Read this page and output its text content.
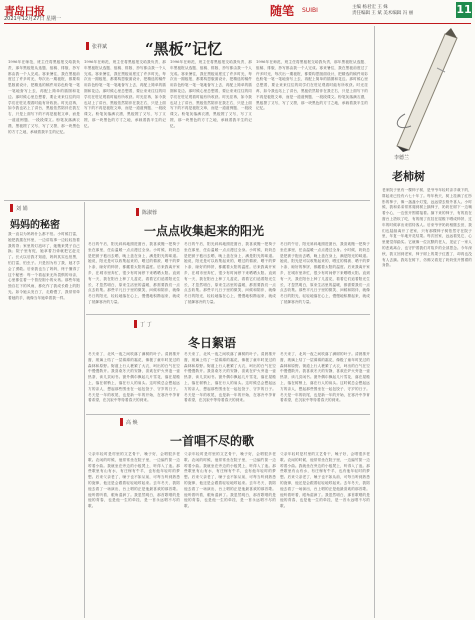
青岛日报
2021年12月27日 星期一
随笔 SUIBI	主编 杨君宏 王 姝
责任编辑 王 斌 美术编辑 冯 丽	11
“黑板”记忆
张祥斌
1996年在师范，班主任将黑板报交给我负责，那年黑板报从选题、组稿、排版、抄写都由我一个人完成。寒来暑往，我在黑板前度过了许多时光，每次出一期板报，都要构思版面设计，把精选的稿件用彩色粉笔一笔一笔地誊写上去，再配上简单的插图和花边。那时候心里总想着，要让来来往往的同学们在驻足观看时能有所收获。时光荏苒，如今我也站上了讲台，黑板依然陪伴在我左右，只是上面写下的不再是板报文章，而是一道道例题、一段段课文。粉笔灰落满衣襟，黑板擦了又写，写了又擦，那一块黑色的方寸之地，承载着我半生的记忆。
1996年在师范，班主任将黑板报交给我负责，那年黑板报从选题、组稿、排版、抄写都由我一个人完成。寒来暑往，我在黑板前度过了许多时光，每次出一期板报，都要构思版面设计，把精选的稿件用彩色粉笔一笔一笔地誊写上去，再配上简单的插图和花边。那时候心里总想着，要让来来往往的同学们在驻足观看时能有所收获。时光荏苒，如今我也站上了讲台，黑板依然陪伴在我左右，只是上面写下的不再是板报文章，而是一道道例题、一段段课文。粉笔灰落满衣襟，黑板擦了又写，写了又擦，那一块黑色的方寸之地，承载着我半生的记忆。
1996年在师范，班主任将黑板报交给我负责，那年黑板报从选题、组稿、排版、抄写都由我一个人完成。寒来暑往，我在黑板前度过了许多时光，每次出一期板报，都要构思版面设计，把精选的稿件用彩色粉笔一笔一笔地誊写上去，再配上简单的插图和花边。那时候心里总想着，要让来来往往的同学们在驻足观看时能有所收获。时光荏苒，如今我也站上了讲台，黑板依然陪伴在我左右，只是上面写下的不再是板报文章，而是一道道例题、一段段课文。粉笔灰落满衣襟，黑板擦了又写，写了又擦，那一块黑色的方寸之地，承载着我半生的记忆。
1996年在师范，班主任将黑板报交给我负责，那年黑板报从选题、组稿、排版、抄写都由我一个人完成。寒来暑往，我在黑板前度过了许多时光，每次出一期板报，都要构思版面设计，把精选的稿件用彩色粉笔一笔一笔地誊写上去，再配上简单的插图和花边。那时候心里总想着，要让来来往往的同学们在驻足观看时能有所收获。时光荏苒，如今我也站上了讲台，黑板依然陪伴在我左右，只是上面写下的不再是板报文章，而是一道道例题、一段段课文。粉笔灰落满衣襟，黑板擦了又写，写了又擦，那一块黑色的方寸之地，承载着我半生的记忆。
老柿树
李德兰
老家院子里有一棵柿子树，是爷爷年轻时亲手栽下的，算起来已经有六七十年了。每年秋天，树上挂满了红彤彤的柿子，像一盏盏小灯笼，远远望去格外喜人。小时候，我和弟弟常常爬到树上摘柿子，奶奶在树下一边喊着小心，一边张开围裙接着。摘下来的柿子，有的放在窗台上捂软了吃，有的削了皮挂在屋檐下晒成柿饼，过年的时候拿出来招待客人。后来爷爷奶奶相继去世，我们也陆续离开了老家，只有那棵柿子树依然守在院子里，年复一年地开花结果。每次回家，远远看见它，心里便觉得踏实。它就像一位沉默的老人，见证了一家人的悲欢离合，也守护着我们对故乡的全部思念。今年深秋，我又回到老家，柿子树上的果子红透了，却再也没有人去摘。我站在树下，仿佛又看见了奶奶张开围裙的身影。
妈妈的秘密
刘 娟
我一直以为妈妈什么都不怕。小时候打雷，她把我搂在怀里，一边讲故事一边轻轻拍着我的背；家里的灯泡坏了，她搬来凳子自己换；院子里有蛇，她拿着扫帚就把它赶走了。长大以后我才知道，妈妈其实也怕黑，怕打雷，怕虫子。只是因为有了我，她才学会了勇敢。后来我也当了妈妈，终于懂得了这个秘密：每一个看起来无所畏惧的母亲，心里都住着一个曾经胆小的女孩。那些年她独自扛下的风雨，都化作了我成长路上的阳光。如今她头发白了，走路慢了，我常常牵着她的手，就像当年她牵着我一样。
陈淑蓉
一点点收集起来的阳光
冬日的午后，阳光斜斜地照进窗台，我喜欢搬一把椅子坐在那里，任由温暖一点点漫过全身。小时候，奶奶总是把被子抱出去晒，晚上盖在身上，满是阳光的味道。她说，阳光是可以收集起来的，晒过的棉被、晒干的萝卜条、晾好的柿饼，都藏着太阳的温度。后来我离开家乡，在城市里奔忙，很少有时间停下来晒晒太阳。直到有一天，我在阳台上种了几盆花，看着它们追着阳光生长，才忽然明白，原来生活里的温暖，都需要我们一点点去收集。那些平凡日子里的微笑、问候和陪伴，就像冬日的阳光，轻轻地落在心上，慢慢地积攒起来，就成了抵御寒冷的力量。
冬日的午后，阳光斜斜地照进窗台，我喜欢搬一把椅子坐在那里，任由温暖一点点漫过全身。小时候，奶奶总是把被子抱出去晒，晚上盖在身上，满是阳光的味道。她说，阳光是可以收集起来的，晒过的棉被、晒干的萝卜条、晾好的柿饼，都藏着太阳的温度。后来我离开家乡，在城市里奔忙，很少有时间停下来晒晒太阳。直到有一天，我在阳台上种了几盆花，看着它们追着阳光生长，才忽然明白，原来生活里的温暖，都需要我们一点点去收集。那些平凡日子里的微笑、问候和陪伴，就像冬日的阳光，轻轻地落在心上，慢慢地积攒起来，就成了抵御寒冷的力量。
冬日的午后，阳光斜斜地照进窗台，我喜欢搬一把椅子坐在那里，任由温暖一点点漫过全身。小时候，奶奶总是把被子抱出去晒，晚上盖在身上，满是阳光的味道。她说，阳光是可以收集起来的，晒过的棉被、晒干的萝卜条、晾好的柿饼，都藏着太阳的温度。后来我离开家乡，在城市里奔忙，很少有时间停下来晒晒太阳。直到有一天，我在阳台上种了几盆花，看着它们追着阳光生长，才忽然明白，原来生活里的温暖，都需要我们一点点去收集。那些平凡日子里的微笑、问候和陪伴，就像冬日的阳光，轻轻地落在心上，慢慢地积攒起来，就成了抵御寒冷的力量。
丁 丁
冬日絮语
冬天来了，北风一夜之间吹落了满树的叶子。清晨推开窗，玻璃上结了一层薄薄的霜花，像极了童年时见过的森林和原野。街道上行人裹紧了大衣，呵出的白气在空中慢慢散开。我喜欢冬天的安静，喜欢在炉火旁泡一壶热茶，读几页闲书。窗外偶尔飘起几片雪花，落在屋檐上，落在树梢上，落在行人的肩头。这时候总会想起远方的亲人，想起那些围坐在一起包饺子、守岁的日子。冬天是一年的收尾，也是新一年的开始，在寒冷中孕育着希望，在沉寂中等待着春天的到来。
冬天来了，北风一夜之间吹落了满树的叶子。清晨推开窗，玻璃上结了一层薄薄的霜花，像极了童年时见过的森林和原野。街道上行人裹紧了大衣，呵出的白气在空中慢慢散开。我喜欢冬天的安静，喜欢在炉火旁泡一壶热茶，读几页闲书。窗外偶尔飘起几片雪花，落在屋檐上，落在树梢上，落在行人的肩头。这时候总会想起远方的亲人，想起那些围坐在一起包饺子、守岁的日子。冬天是一年的收尾，也是新一年的开始，在寒冷中孕育着希望，在沉寂中等待着春天的到来。
冬天来了，北风一夜之间吹落了满树的叶子。清晨推开窗，玻璃上结了一层薄薄的霜花，像极了童年时见过的森林和原野。街道上行人裹紧了大衣，呵出的白气在空中慢慢散开。我喜欢冬天的安静，喜欢在炉火旁泡一壶热茶，读几页闲书。窗外偶尔飘起几片雪花，落在屋檐上，落在树梢上，落在行人的肩头。这时候总会想起远方的亲人，想起那些围坐在一起包饺子、守岁的日子。冬天是一年的收尾，也是新一年的开始，在寒冷中孕育着希望，在沉寂中等待着春天的到来。
高 焕
一首唱不尽的歌
父亲年轻时是村里的文艺骨干，嗓子好，会唱很多老歌。农闲的时候，他常常坐在院子里，一边编竹筐一边哼着小曲。我就坐在旁边的小板凳上，听得入了迷。那些歌里有山有水，有庄稼有牛羊，也有他年轻时的梦想。后来父亲老了，嗓子也不如从前，可每当听到熟悉的旋律，他还是会跟着轻轻地哼起来。去年冬天，我陪他去看了一场演出，台上唱的正是他最喜欢的那首歌。他听着听着，眼角湿润了。我忽然明白，那首歌唱的是他的青春，也是他一生的牵挂，是一首永远唱不尽的歌。
父亲年轻时是村里的文艺骨干，嗓子好，会唱很多老歌。农闲的时候，他常常坐在院子里，一边编竹筐一边哼着小曲。我就坐在旁边的小板凳上，听得入了迷。那些歌里有山有水，有庄稼有牛羊，也有他年轻时的梦想。后来父亲老了，嗓子也不如从前，可每当听到熟悉的旋律，他还是会跟着轻轻地哼起来。去年冬天，我陪他去看了一场演出，台上唱的正是他最喜欢的那首歌。他听着听着，眼角湿润了。我忽然明白，那首歌唱的是他的青春，也是他一生的牵挂，是一首永远唱不尽的歌。
父亲年轻时是村里的文艺骨干，嗓子好，会唱很多老歌。农闲的时候，他常常坐在院子里，一边编竹筐一边哼着小曲。我就坐在旁边的小板凳上，听得入了迷。那些歌里有山有水，有庄稼有牛羊，也有他年轻时的梦想。后来父亲老了，嗓子也不如从前，可每当听到熟悉的旋律，他还是会跟着轻轻地哼起来。去年冬天，我陪他去看了一场演出，台上唱的正是他最喜欢的那首歌。他听着听着，眼角湿润了。我忽然明白，那首歌唱的是他的青春，也是他一生的牵挂，是一首永远唱不尽的歌。
